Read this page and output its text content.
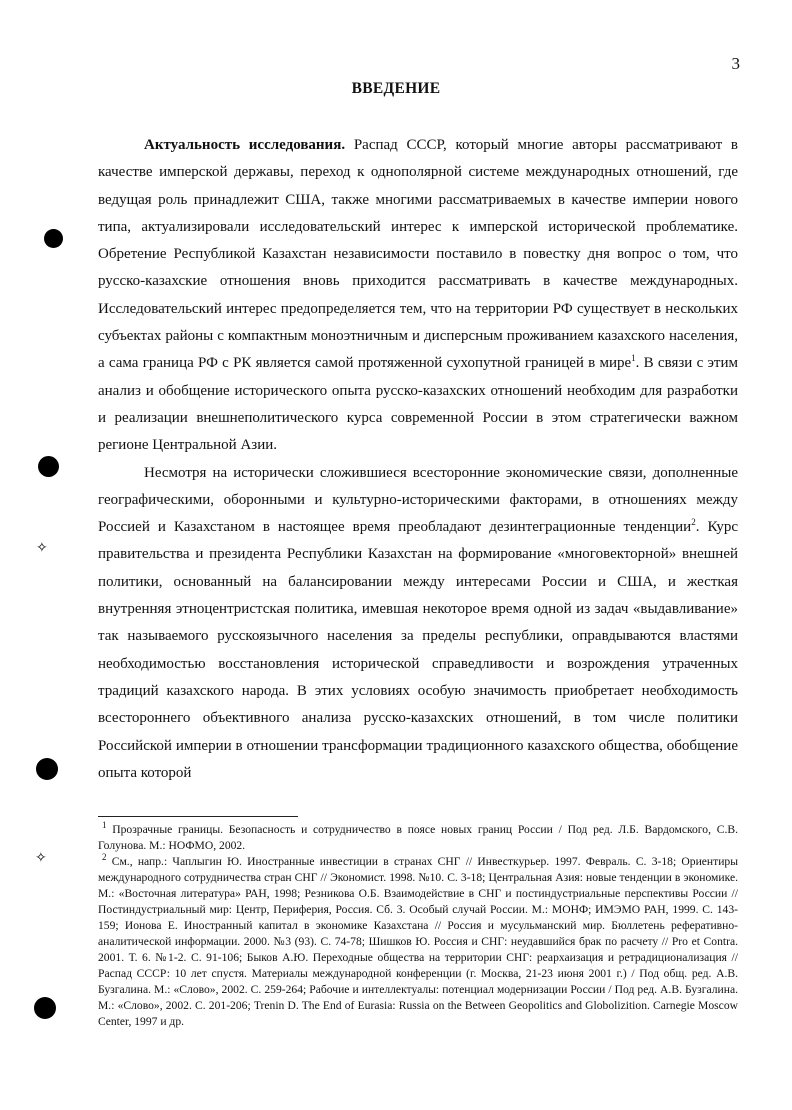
3
ВВЕДЕНИЕ

Актуальность исследования. Распад СССР, который многие авторы рассматривают в качестве имперской державы, переход к однополярной системе международных отношений, где ведущая роль принадлежит США, также многими рассматриваемых в качестве империи нового типа, актуализировали исследовательский интерес к имперской исторической проблематике. Обретение Республикой Казахстан независимости поставило в повестку дня вопрос о том, что русско-казахские отношения вновь приходится рассматривать в качестве международных. Исследовательский интерес предопределяется тем, что на территории РФ существует в нескольких субъектах районы с компактным моноэтничным и дисперсным проживанием казахского населения, а сама граница РФ с РК является самой протяженной сухопутной границей в мире$^1$. В связи с этим анализ и обобщение исторического опыта русско-казахских отношений необходим для разработки и реализации внешнеполитического курса современной России в этом стратегически важном регионе Центральной Азии.

Несмотря на исторически сложившиеся всесторонние экономические связи, дополненные географическими, оборонными и культурно-историческими факторами, в отношениях между Россией и Казахстаном в настоящее время преобладают дезинтеграционные тенденции$^2$. Курс правительства и президента Республики Казахстан на формирование «многовекторной» внешней политики, основанный на балансировании между интересами России и США, и жесткая внутренняя этноцентристская политика, имевшая некоторое время одной из задач «выдавливание» так называемого русскоязычного населения за пределы республики, оправдываются властями необходимостью восстановления исторической справедливости и возрождения утраченных традиций казахского народа. В этих условиях особую значимость приобретает необходимость всестороннего объективного анализа русско-казахских отношений, в том числе политики Российской империи в отношении трансформации традиционного казахского общества, обобщение опыта которой

$^1$ Прозрачные границы. Безопасность и сотрудничество в поясе новых границ России / Под ред. Л.Б. Вардомского, С.В. Голунова. М.: НОФМО, 2002.

$^2$ См., напр.: Чаплыгин Ю. Иностранные инвестиции в странах СНГ // Инвесткурьер. 1997. Февраль. С. 3-18; Ориентиры международного сотрудничества стран СНГ // Экономист. 1998. №10. С. 3-18; Центральная Азия: новые тенденции в экономике. М.: «Восточная литература» РАН, 1998; Резникова О.Б. Взаимодействие в СНГ и постиндустриальные перспективы России // Постиндустриальный мир: Центр, Периферия, Россия. Сб. 3. Особый случай России. М.: МОНФ; ИМЭМО РАН, 1999. С. 143-159; Ионова Е. Иностранный капитал в экономике Казахстана // Россия и мусульманский мир. Бюллетень реферативно-аналитической информации. 2000. №3 (93). С. 74-78; Шишков Ю. Россия и СНГ: неудавшийся брак по расчету // Pro et Contra. 2001. Т. 6. №1-2. С. 91-106; Быков А.Ю. Переходные общества на территории СНГ: реархаизация и ретрадиционализация // Распад СССР: 10 лет спустя. Материалы международной конференции (г. Москва, 21-23 июня 2001 г.) / Под общ. ред. А.В. Бузгалина. М.: «Слово», 2002. С. 259-264; Рабочие и интеллектуалы: потенциал модернизации России / Под ред. А.В. Бузгалина. М.: «Слово», 2002. С. 201-206; Trenin D. The End of Eurasia: Russia on the Between Geopolitics and Globolizition. Carnegie Moscow Center, 1997 и др.

✧
✧
